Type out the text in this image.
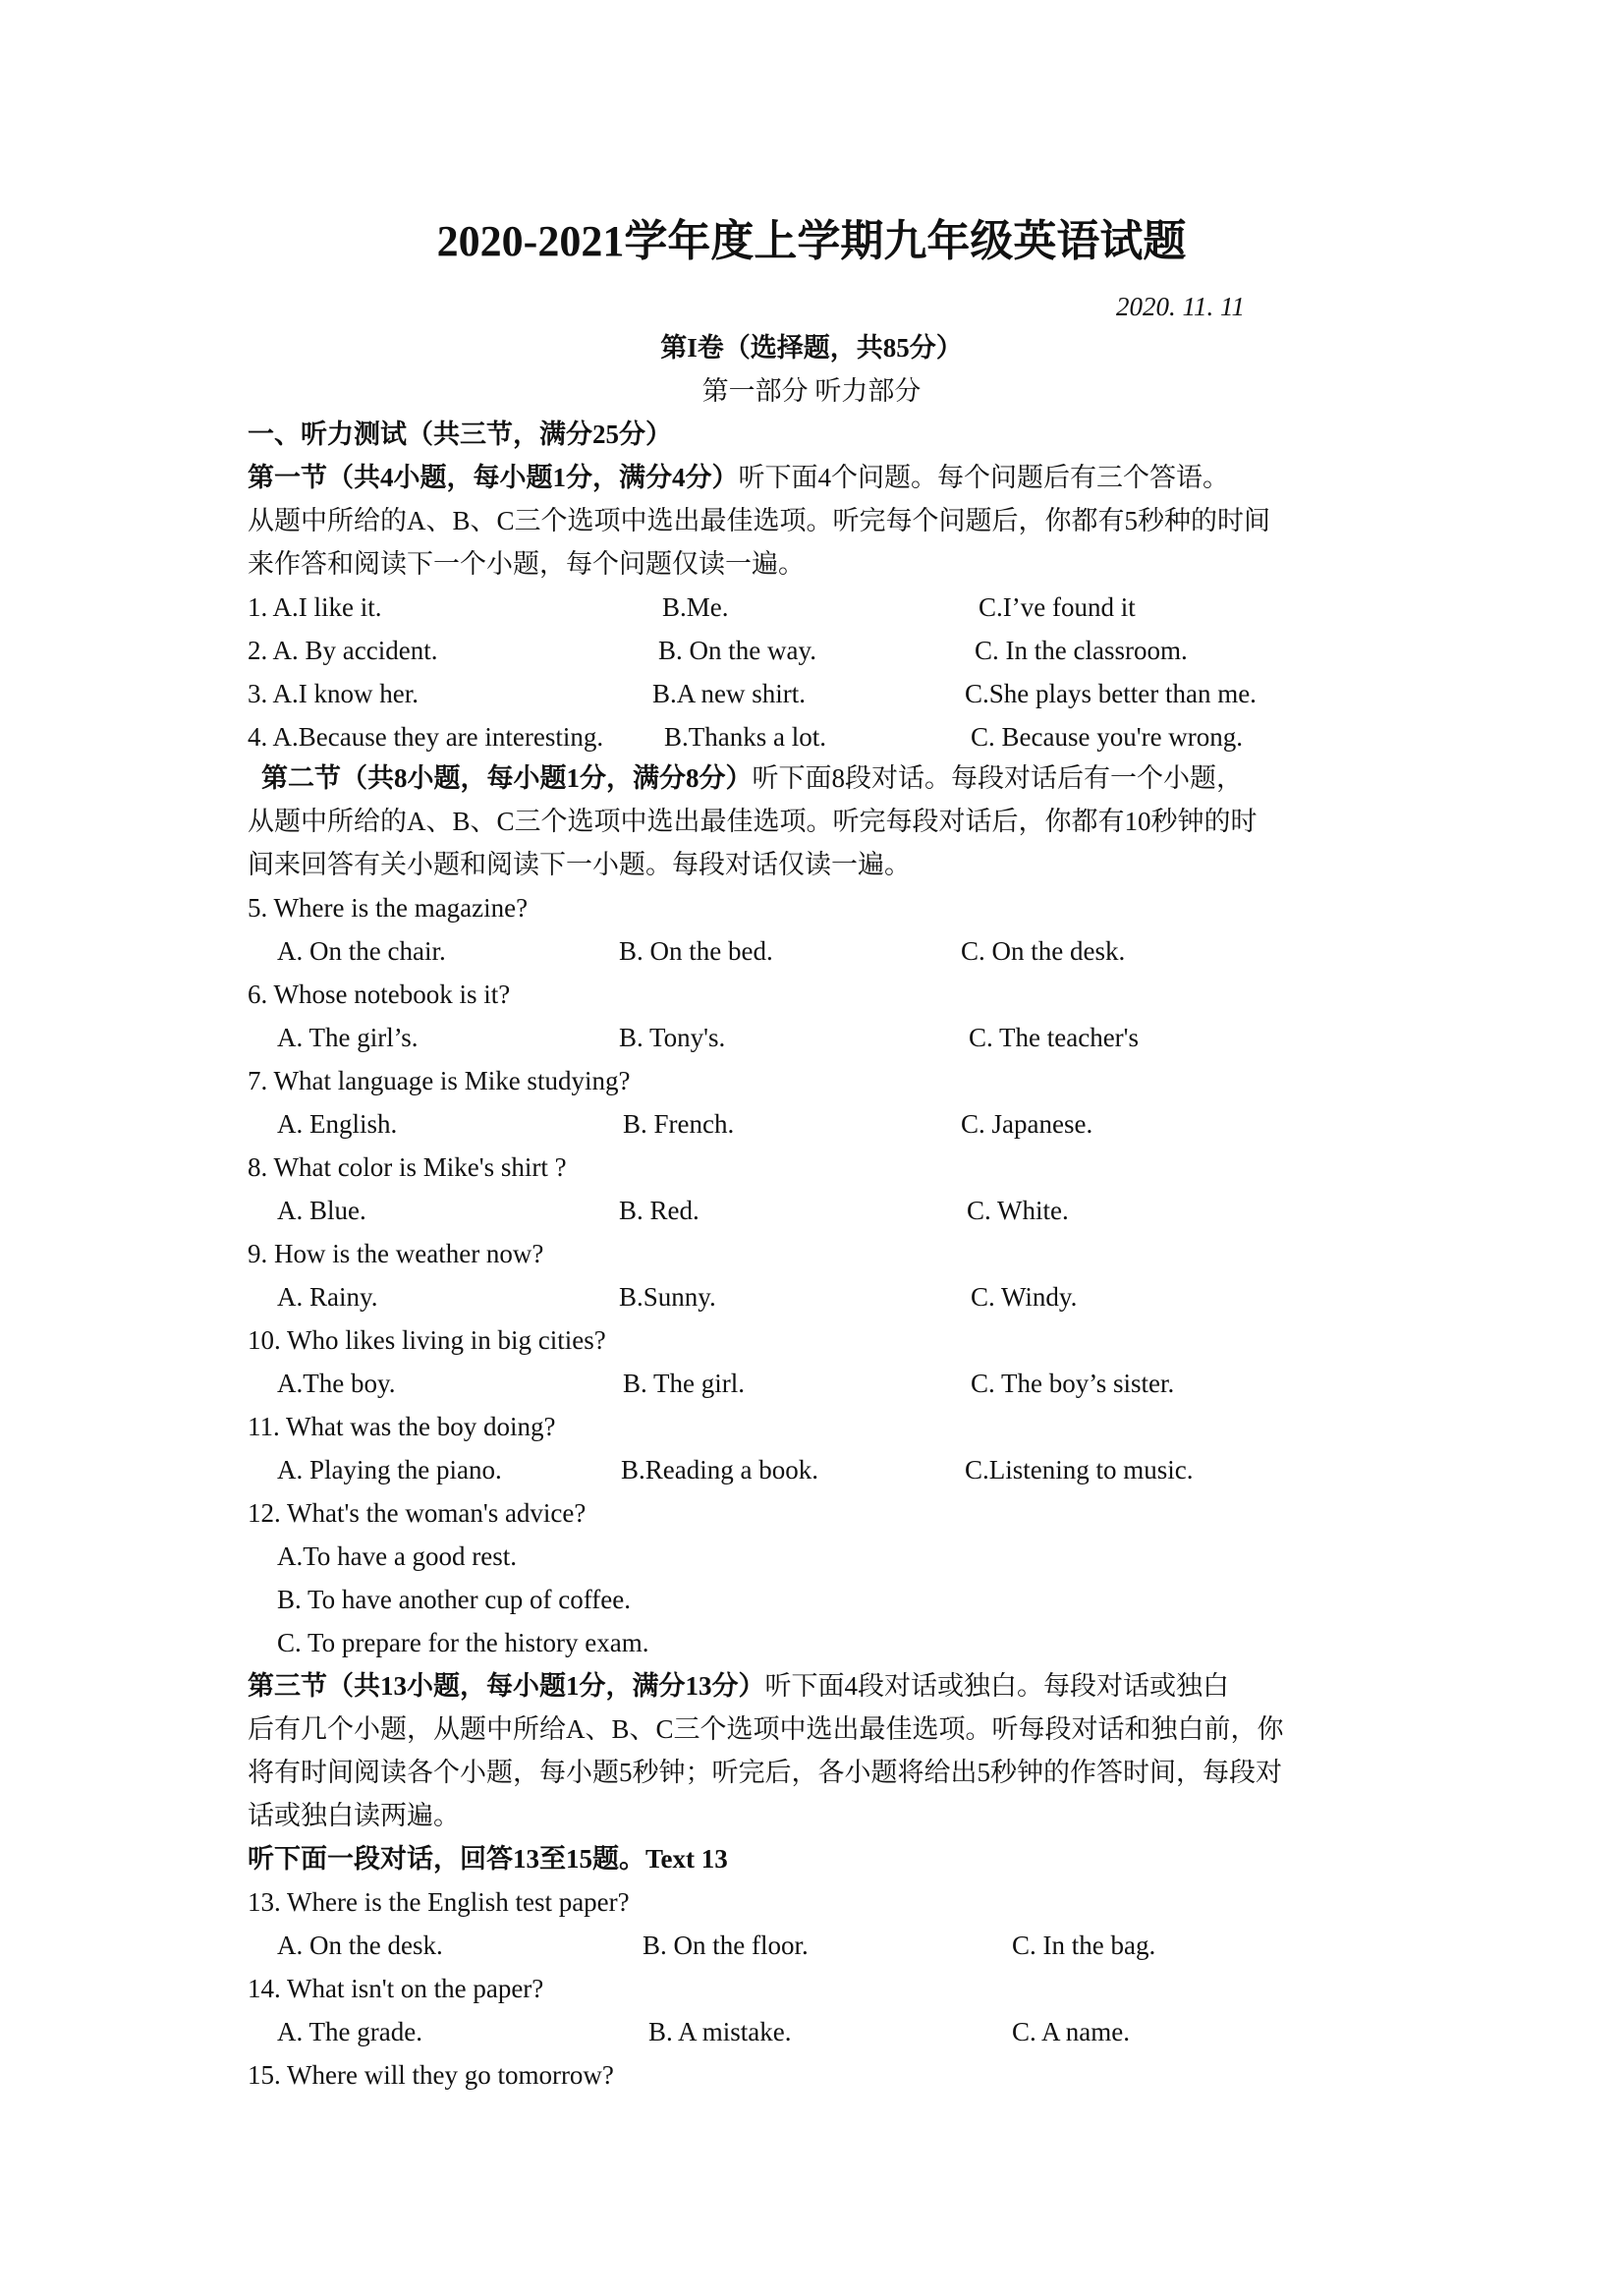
2020-2021学年度上学期九年级英语试题
2020. 11. 11
第I卷（选择题，共85分）
第一部分 听力部分
一、听力测试（共三节，满分25分）
第一节（共4小题，每小题1分，满分4分）听下面4个问题。每个问题后有三个答语。
从题中所给的A、B、C三个选项中选出最佳选项。听完每个问题后，你都有5秒种的时间
来作答和阅读下一个小题，每个问题仅读一遍。
1. A.I like it.	B.Me.	C.I’ve found it
2. A. By accident.	B. On the way.	C. In the classroom.
3. A.I know her.	B.A new shirt.	C.She plays better than me.
4. A.Because they are interesting. B.Thanks a lot.	C. Because you're wrong.
第二节（共8小题，每小题1分，满分8分）听下面8段对话。每段对话后有一个小题，
从题中所给的A、B、C三个选项中选出最佳选项。听完每段对话后，你都有10秒钟的时
间来回答有关小题和阅读下一小题。每段对话仅读一遍。
5. Where is the magazine?
A. On the chair.	B. On the bed.	C. On the desk.
6. Whose notebook is it?
A. The girl’s.	B. Tony's.	C. The teacher's
7. What language is Mike studying?
A. English.	B. French.	C. Japanese.
8. What color is Mike's shirt ?
A. Blue.	B. Red.	C. White.
9. How is the weather now?
A. Rainy.	B.Sunny.	C. Windy.
10. Who likes living in big cities?
A.The boy.	B. The girl.	C. The boy’s sister.
11. What was the boy doing?
A. Playing the piano.	B.Reading a book.	C.Listening to music.
12. What's the woman's advice?
A.To have a good rest.
B. To have another cup of coffee.
C. To prepare for the history exam.
第三节（共13小题，每小题1分，满分13分）听下面4段对话或独白。每段对话或独白
后有几个小题，从题中所给A、B、C三个选项中选出最佳选项。听每段对话和独白前，你
将有时间阅读各个小题，每小题5秒钟；听完后，各小题将给出5秒钟的作答时间，每段对
话或独白读两遍。
听下面一段对话，回答13至15题。Text 13
13. Where is the English test paper?
A. On the desk.	B. On the floor.	C. In the bag.
14. What isn't on the paper?
A. The grade.	B. A mistake.	C. A name.
15. Where will they go tomorrow?
